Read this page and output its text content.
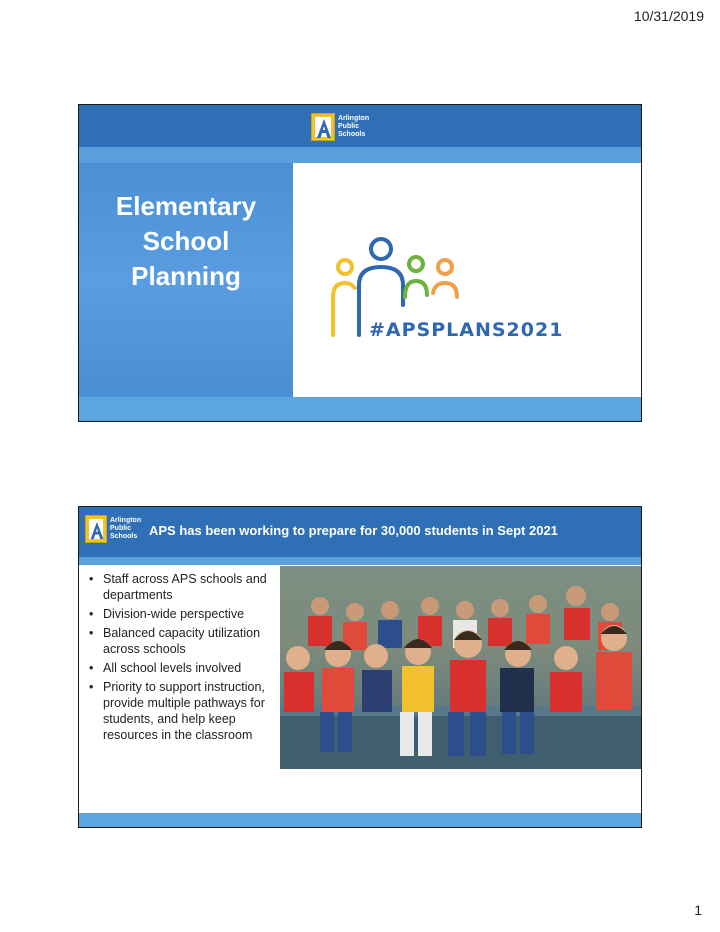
10/31/2019
Arlington
Public
Schools
Elementary
School
Planning
#APSPLANS2021
Arlington
Public
Schools APS has been working to prepare for 30,000 students in Sept 2021
• Staff across APS schools and departments
• Division-wide perspective
• Balanced capacity utilization across schools
• All school levels involved
• Priority to support instruction, provide multiple pathways for students, and help keep resources in the classroom
1
